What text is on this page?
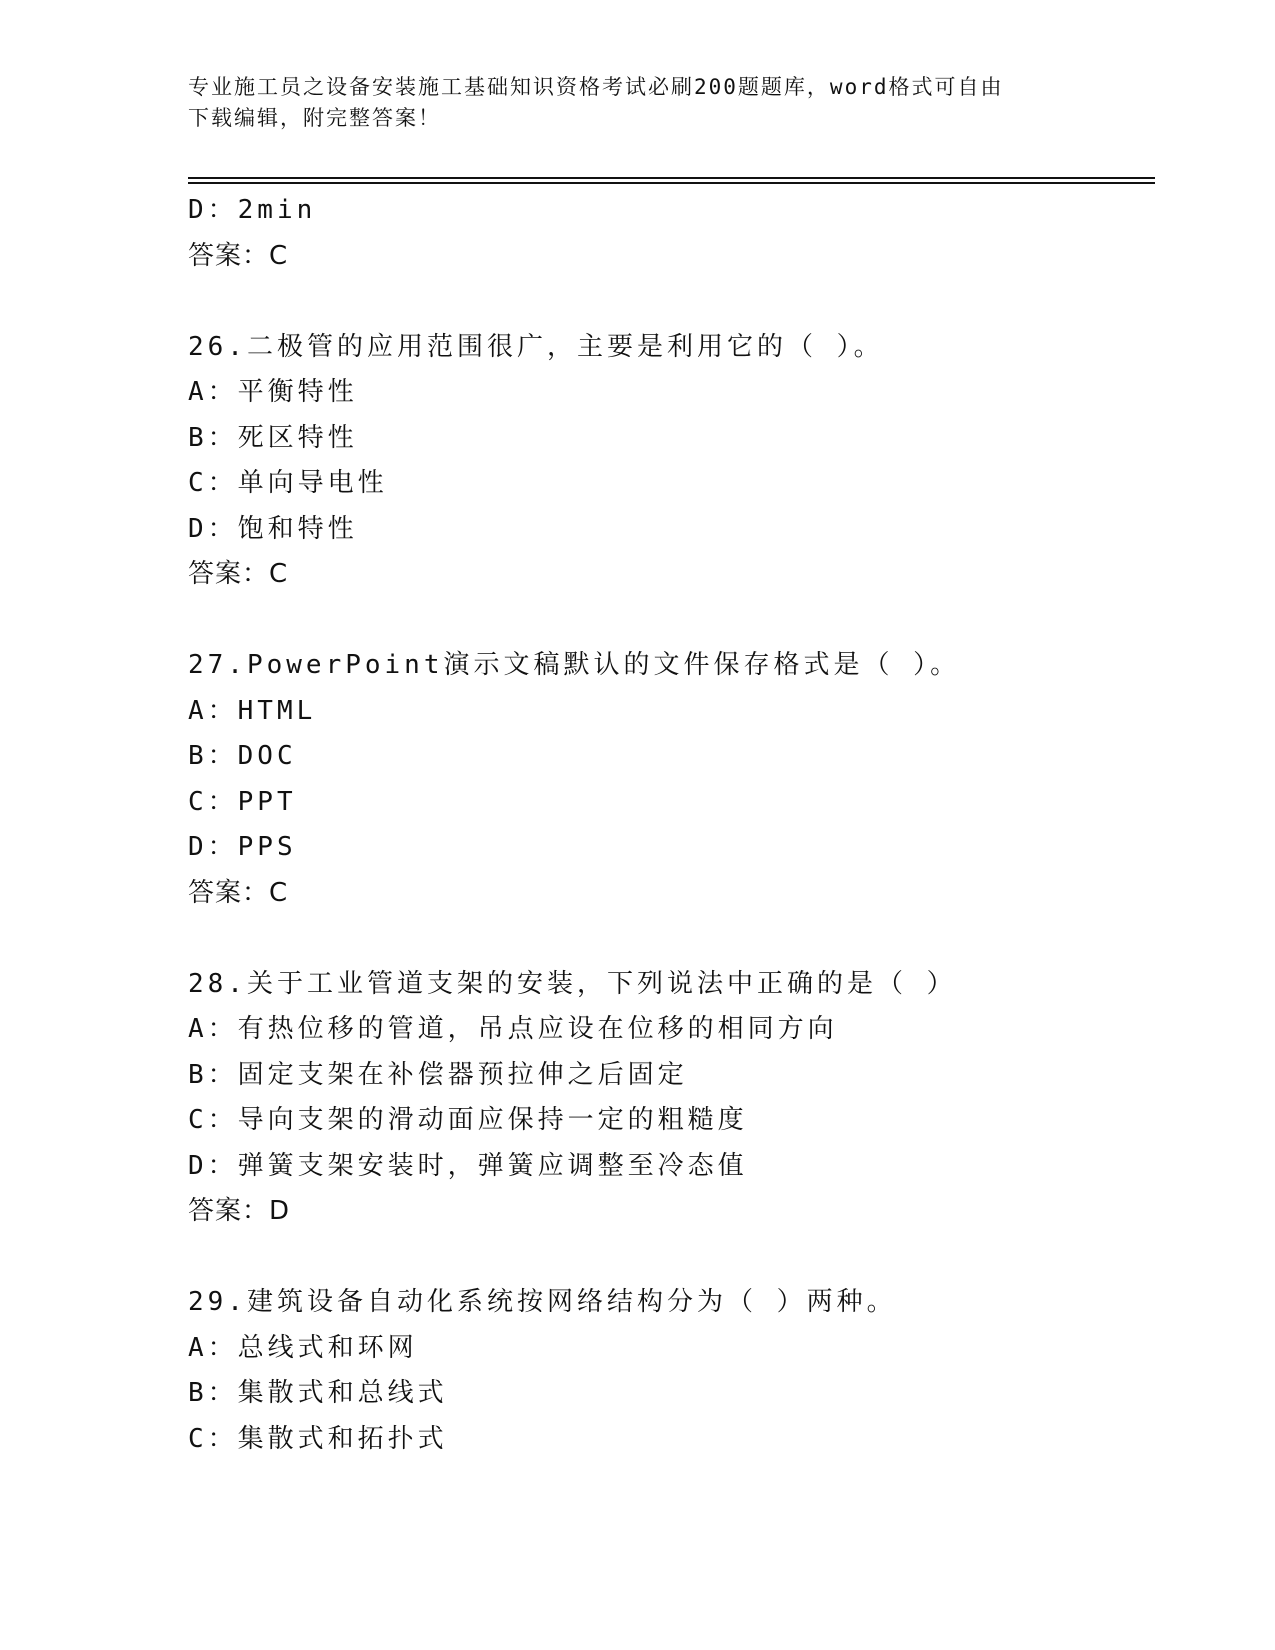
专业施工员之设备安装施工基础知识资格考试必刷200题题库，word格式可自由
下载编辑，附完整答案！
D：2min
答案：C
26.二极管的应用范围很广，主要是利用它的（ ）。
A：平衡特性
B：死区特性
C：单向导电性
D：饱和特性
答案：C
27.PowerPoint演示文稿默认的文件保存格式是（ ）。
A：HTML
B：DOC
C：PPT
D：PPS
答案：C
28.关于工业管道支架的安装，下列说法中正确的是（ ）
A：有热位移的管道，吊点应设在位移的相同方向
B：固定支架在补偿器预拉伸之后固定
C：导向支架的滑动面应保持一定的粗糙度
D：弹簧支架安装时，弹簧应调整至冷态值
答案：D
29.建筑设备自动化系统按网络结构分为（ ）两种。
A：总线式和环网
B：集散式和总线式
C：集散式和拓扑式
